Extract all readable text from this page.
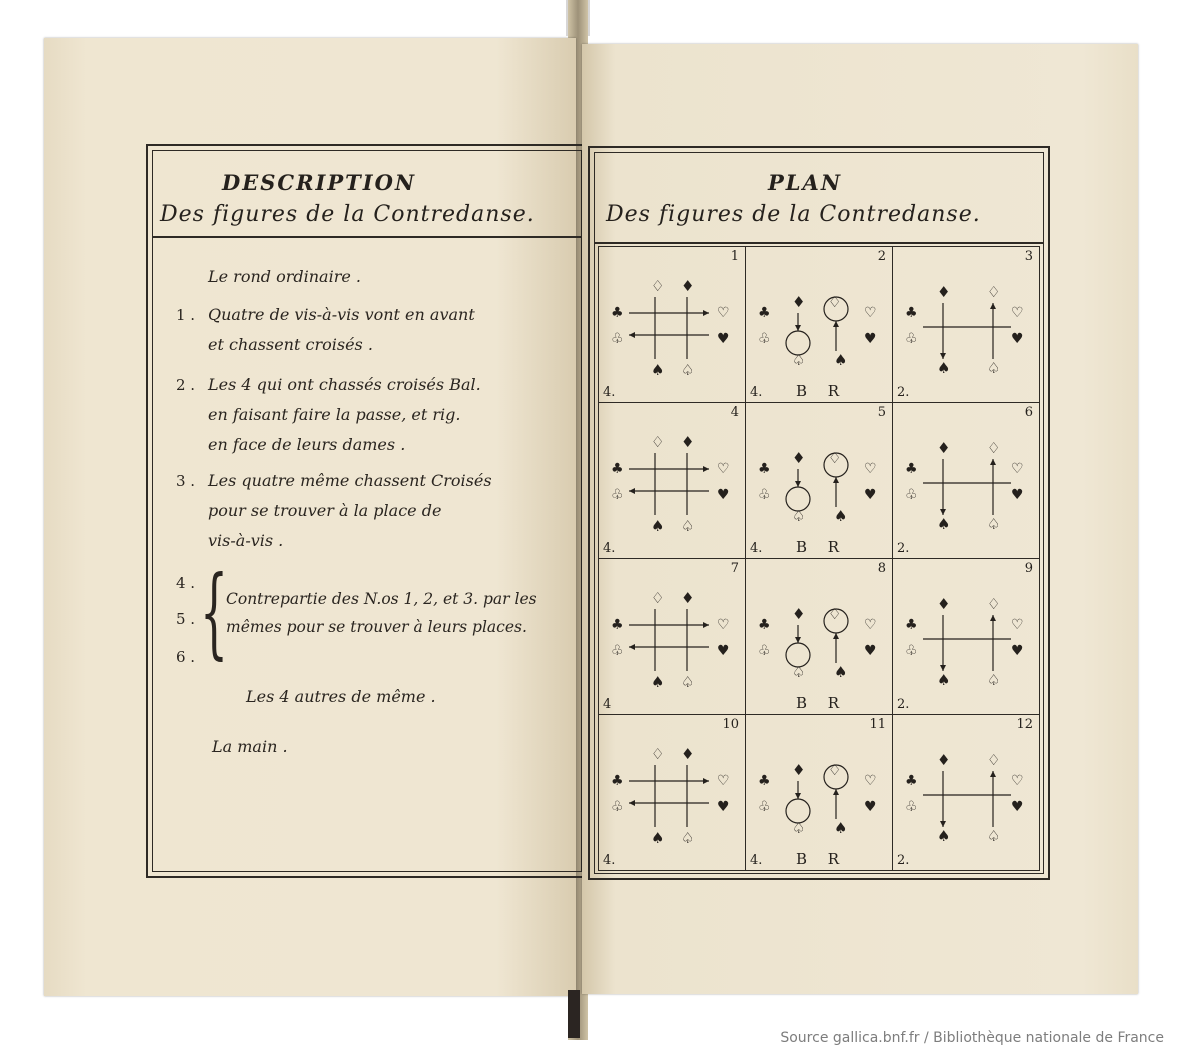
DESCRIPTION
Des figures de la Contredanse.
1 .
2 .
3 .
Le rond ordinaire .
Quatre de vis-à-vis vont en avant
et chassent croisés .
Les 4 qui ont chassés croisés Bal.
en faisant faire la passe, et rig.
en face de leurs dames .
Les quatre même chassent Croisés
pour se trouver à la place de
vis-à-vis .
4 .
5 .
6 . {
Contrepartie des N.os 1, 2, et 3. par les
mêmes pour se trouver à leurs places.
Les 4 autres de même .
La main .
PLAN
Des figures de la Contredanse.
♣
♧
♡
♥
♢ ♦
♠ ♤
1
4.
♣
♧
♡
♥
♦ ♢
♤ ♠
2
4. B R
♣
♧
♡
♥
♦ ♢
♠ ♤
3
2.
♣
♧
♡
♥
♢ ♦
♠ ♤
4
4.
♣
♧
♡
♥
♦ ♢
♤ ♠
5
4. B R
♣
♧
♡
♥
♦ ♢
♠ ♤
6
2.
♣
♧
♡
♥
♢ ♦
♠ ♤
7
4
♣
♧
♡
♥
♦ ♢
♤ ♠
8
B R
♣
♧
♡
♥
♦ ♢
♠ ♤
9
2.
♣
♧
♡
♥
♢ ♦
♠ ♤
10
4.
♣
♧
♡
♥
♦ ♢
♤ ♠
11
4. B R
♣
♧
♡
♥
♦ ♢
♠ ♤
12
2.
Source gallica.bnf.fr / Bibliothèque nationale de France
